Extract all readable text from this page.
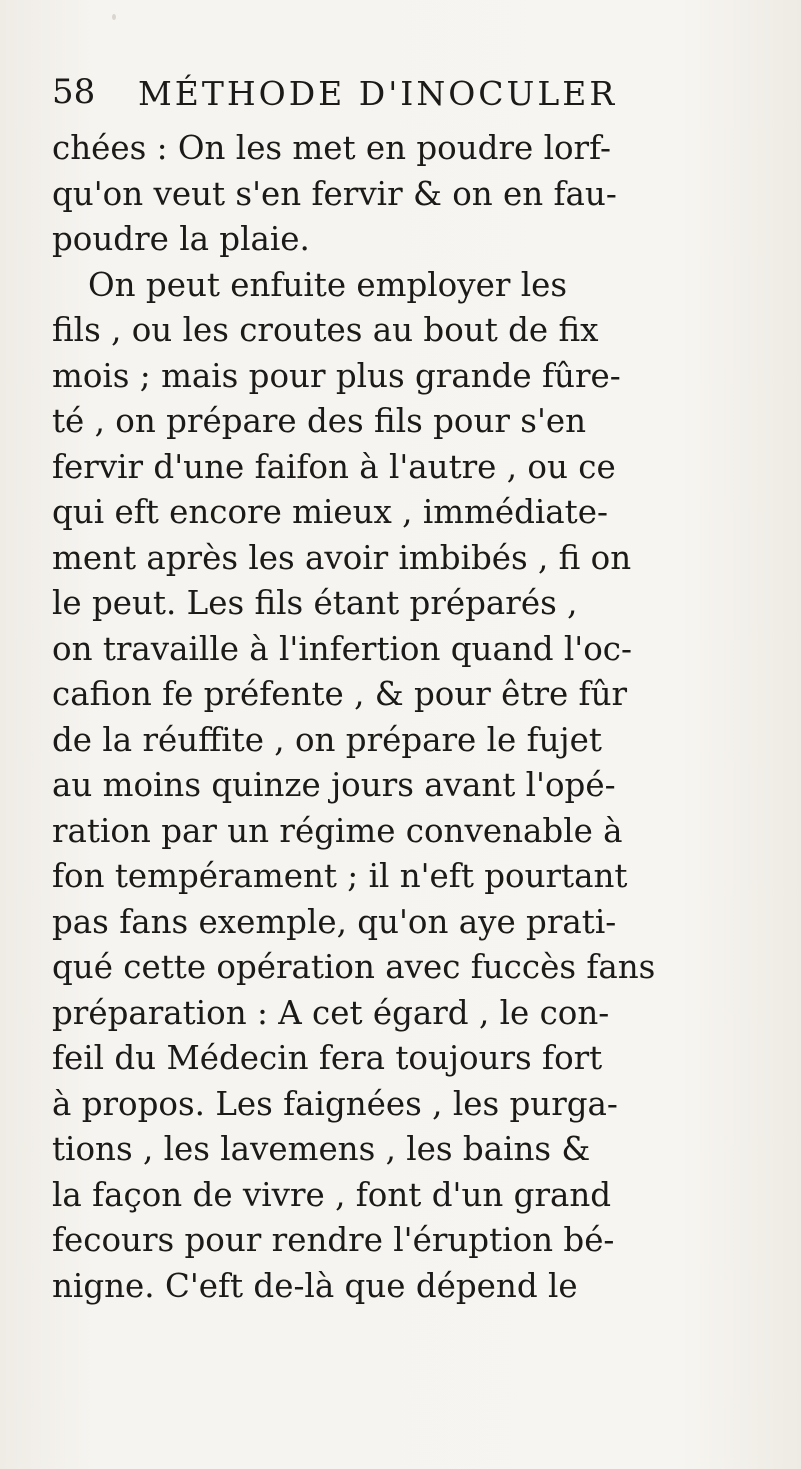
58 MÉTHODE D'INOCULER
chées : On les met en poudre lorf-
qu'on veut s'en fervir & on en fau-
poudre la plaie.
On peut enfuite employer les
fils , ou les croutes au bout de fix
mois ; mais pour plus grande fûre-
té , on prépare des fils pour s'en
fervir d'une faifon à l'autre , ou ce
qui eft encore mieux , immédiate-
ment après les avoir imbibés , fi on
le peut. Les fils étant préparés ,
on travaille à l'infertion quand l'oc-
cafion fe préfente , & pour être fûr
de la réuffite , on prépare le fujet
au moins quinze jours avant l'opé-
ration par un régime convenable à
fon tempérament ; il n'eft pourtant
pas fans exemple, qu'on aye prati-
qué cette opération avec fuccès fans
préparation : A cet égard , le con-
feil du Médecin fera toujours fort
à propos. Les faignées , les purga-
tions , les lavemens , les bains &
la façon de vivre , font d'un grand
fecours pour rendre l'éruption bé-
nigne. C'eft de-là que dépend le
